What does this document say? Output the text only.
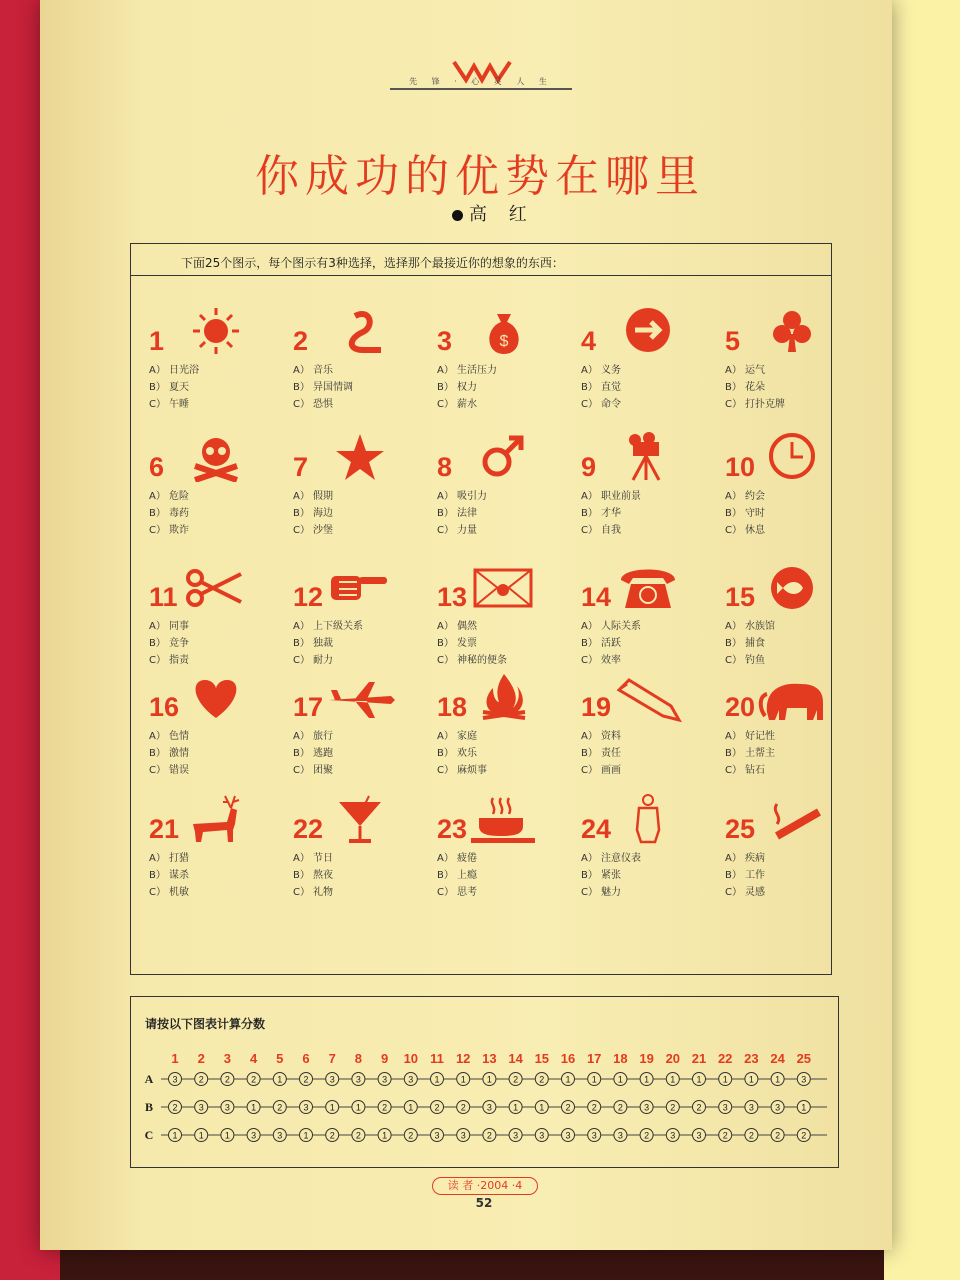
先 锋 · 心 灵 人 生
你成功的优势在哪里
高 红
下面25个图示，每个图示有3种选择，选择那个最接近你的想象的东西：
1
A） 日光浴
B） 夏天
C） 午睡
2
A） 音乐
B） 异国情调
C） 恐惧
3	$
A） 生活压力
B） 权力
C） 薪水
4
A） 义务
B） 直觉
C） 命令
5
A） 运气
B） 花朵
C） 打扑克牌
6
A） 危险
B） 毒药
C） 欺诈
7
A） 假期
B） 海边
C） 沙堡
8
A） 吸引力
B） 法律
C） 力量
9
A） 职业前景
B） 才华
C） 自我
10
A） 约会
B） 守时
C） 休息
11
A） 同事
B） 竞争
C） 指责
12
A） 上下级关系
B） 独裁
C） 耐力
13
A） 偶然
B） 发票
C） 神秘的便条
14
A） 人际关系
B） 活跃
C） 效率
15
A） 水族馆
B） 捕食
C） 钓鱼
16
A） 色情
B） 激情
C） 错误
17
A） 旅行
B） 逃跑
C） 团聚
18
A） 家庭
B） 欢乐
C） 麻烦事
19
A） 资料
B） 责任
C） 画画
20
A） 好记性
B） 土帮主
C） 钻石
21
A） 打猎
B） 谋杀
C） 机敏
22
A） 节日
B） 熬夜
C） 礼物
23
A） 疲倦
B） 上瘾
C） 思考
24
A） 注意仪表
B） 紧张
C） 魅力
25
A） 疾病
B） 工作
C） 灵感
请按以下图表计算分数
1 2 3 4 5 6 7 8 9 10 11 12 13 14 15 16 17 18 19 20 21 22 23 24 25
A 3 2 2 2 1 2 3 3 3 3 1 1 1 2 2 1 1 1 1 1 1 1 1 1 3
B 2 3 3 1 2 3 1 1 2 1 2 2 3 1 1 2 2 2 3 2 2 3 3 3 1
C 1 1 1 3 3 1 2 2 1 2 3 3 2 3 3 3 3 3 2 3 3 2 2 2 2
读 者 ·2004 ·4
52
